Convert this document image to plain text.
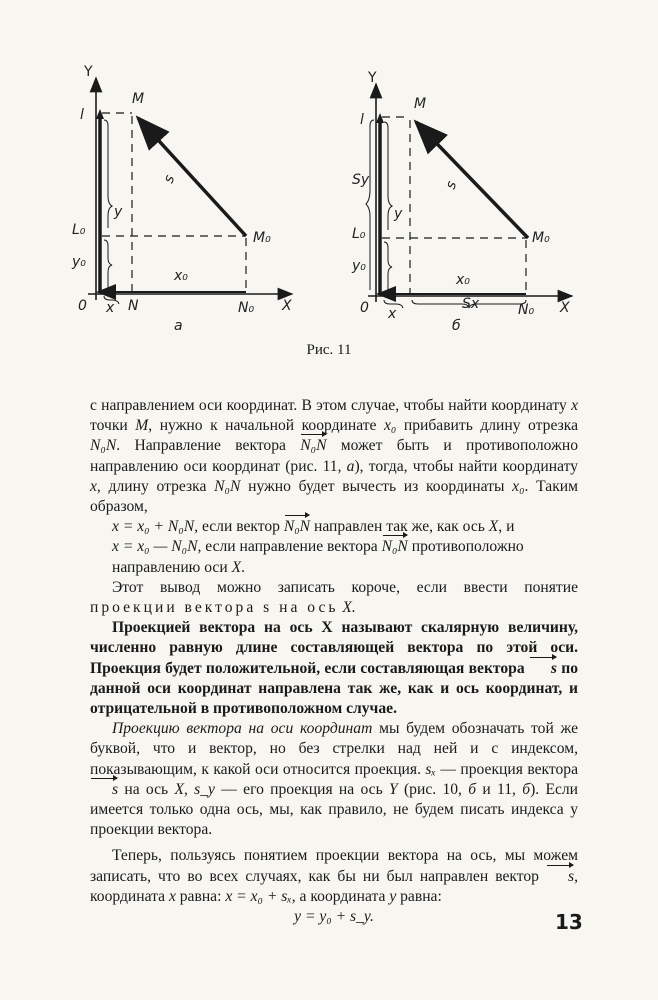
Y
l
M
s
y
L₀	M₀
y₀
x₀
0	N	N₀ X
x
а
Y
l
M
s
Sy
y
L₀	M₀
y₀
x₀
0 x
Sx	N₀ X
б
Рис. 11

с направлением оси координат. В этом случае, чтобы найти координату x точки M, нужно к начальной координате x₀ прибавить длину отрезка N₀N. Направление вектора N₀N может быть и противоположно направлению оси координат (рис. 11, а), тогда, чтобы найти координату x, длину отрезка N₀N нужно будет вычесть из координаты x₀. Таким образом,

x = x₀ + N₀N, если вектор N₀N направлен так же, как ось X, и

x = x₀ — N₀N, если направление вектора N₀N противоположно направлению оси X.

Этот вывод можно записать короче, если ввести понятие проекции вектора s на ось X.

Проекцией вектора на ось X называют скалярную величину, численно равную длине составляющей вектора по этой оси. Проекция будет положительной, если составляющая вектора s по данной оси координат направлена так же, как и ось координат, и отрицательной в противоположном случае.

Проекцию вектора на оси координат мы будем обозначать той же буквой, что и вектор, но без стрелки над ней и с индексом, показывающим, к какой оси относится проекция. sₓ — проекция вектора s на ось X, s_y — его проекция на ось Y (рис. 10, б и 11, б). Если имеется только одна ось, мы, как правило, не будем писать индекса у проекции вектора.

Теперь, пользуясь понятием проекции вектора на ось, мы можем записать, что во всех случаях, как бы ни был направлен вектор s, координата x равна: x = x₀ + sₓ, а координата y равна:

y = y₀ + s_y.	13
